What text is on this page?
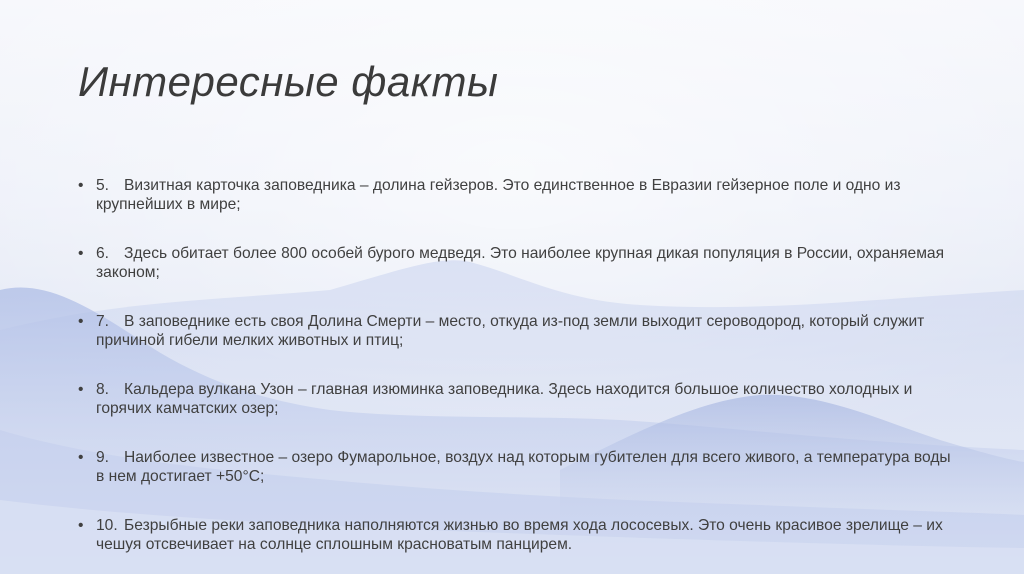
Интересные факты
• 5. Визитная карточка заповедника – долина гейзеров. Это единственное в Евразии гейзерное поле и одно из крупнейших в мире;
• 6. Здесь обитает более 800 особей бурого медведя. Это наиболее крупная дикая популяция в России, охраняемая законом;
• 7. В заповеднике есть своя Долина Смерти – место, откуда из-под земли выходит сероводород, который служит причиной гибели мелких животных и птиц;
• 8. Кальдера вулкана Узон – главная изюминка заповедника. Здесь находится большое количество холодных и горячих камчатских озер;
• 9. Наиболее известное – озеро Фумарольное, воздух над которым губителен для всего живого, а температура воды в нем достигает +50°C;
• 10. Безрыбные реки заповедника наполняются жизнью во время хода лососевых. Это очень красивое зрелище – их чешуя отсвечивает на солнце сплошным красноватым панцирем.
